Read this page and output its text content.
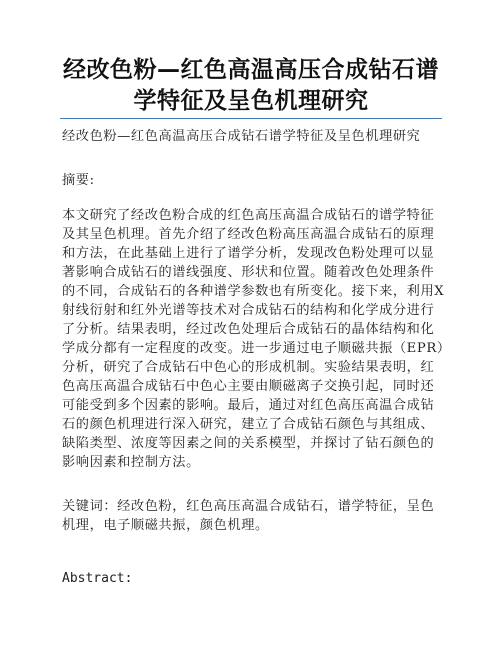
经改色粉—红色高温高压合成钻石谱学特征及呈色机理研究

经改色粉—红色高温高压合成钻石谱学特征及呈色机理研究

摘要:

本文研究了经改色粉合成的红色高压高温合成钻石的谱学特征及其呈色机理。首先介绍了经改色粉高压高温合成钻石的原理和方法，在此基础上进行了谱学分析，发现改色粉处理可以显著影响合成钻石的谱线强度、形状和位置。随着改色处理条件的不同，合成钻石的各种谱学参数也有所变化。接下来，利用X射线衍射和红外光谱等技术对合成钻石的结构和化学成分进行了分析。结果表明，经过改色处理后合成钻石的晶体结构和化学成分都有一定程度的改变。进一步通过电子顺磁共振（EPR）分析，研究了合成钻石中色心的形成机制。实验结果表明，红色高压高温合成钻石中色心主要由顺磁离子交换引起，同时还可能受到多个因素的影响。最后，通过对红色高压高温合成钻石的颜色机理进行深入研究，建立了合成钻石颜色与其组成、缺陷类型、浓度等因素之间的关系模型，并探讨了钻石颜色的影响因素和控制方法。

关键词：经改色粉，红色高压高温合成钻石，谱学特征，呈色机理，电子顺磁共振，颜色机理。

Abstract:
